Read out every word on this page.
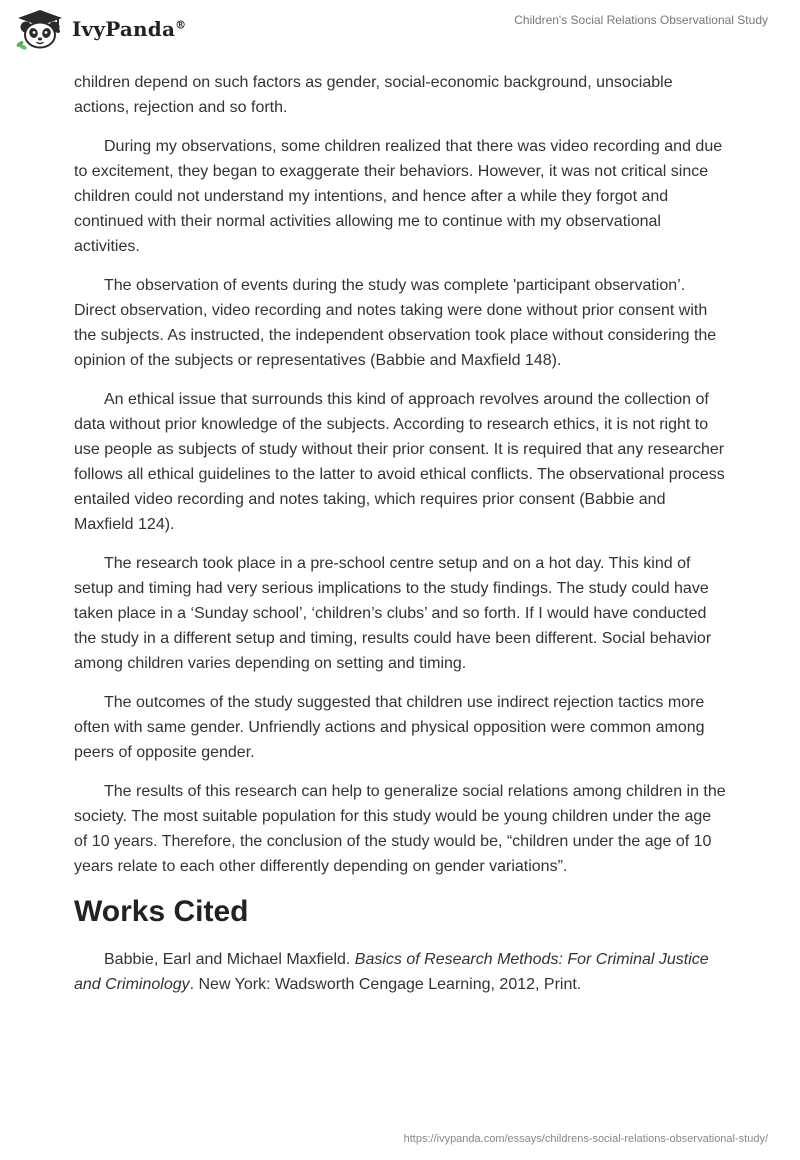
IvyPanda®	Children's Social Relations Observational Study

children depend on such factors as gender, social-economic background, unsociable actions, rejection and so forth.

During my observations, some children realized that there was video recording and due to excitement, they began to exaggerate their behaviors. However, it was not critical since children could not understand my intentions, and hence after a while they forgot and continued with their normal activities allowing me to continue with my observational activities.

The observation of events during the study was complete 'participant observation’. Direct observation, video recording and notes taking were done without prior consent with the subjects. As instructed, the independent observation took place without considering the opinion of the subjects or representatives (Babbie and Maxfield 148).

An ethical issue that surrounds this kind of approach revolves around the collection of data without prior knowledge of the subjects. According to research ethics, it is not right to use people as subjects of study without their prior consent. It is required that any researcher follows all ethical guidelines to the latter to avoid ethical conflicts. The observational process entailed video recording and notes taking, which requires prior consent (Babbie and Maxfield 124).

The research took place in a pre-school centre setup and on a hot day. This kind of setup and timing had very serious implications to the study findings. The study could have taken place in a ‘Sunday school’, ‘children’s clubs’ and so forth. If I would have conducted the study in a different setup and timing, results could have been different. Social behavior among children varies depending on setting and timing.

The outcomes of the study suggested that children use indirect rejection tactics more often with same gender. Unfriendly actions and physical opposition were common among peers of opposite gender.

The results of this research can help to generalize social relations among children in the society. The most suitable population for this study would be young children under the age of 10 years. Therefore, the conclusion of the study would be, “children under the age of 10 years relate to each other differently depending on gender variations”.

Works Cited

Babbie, Earl and Michael Maxfield. Basics of Research Methods: For Criminal Justice and Criminology. New York: Wadsworth Cengage Learning, 2012, Print.

https://ivypanda.com/essays/childrens-social-relations-observational-study/
